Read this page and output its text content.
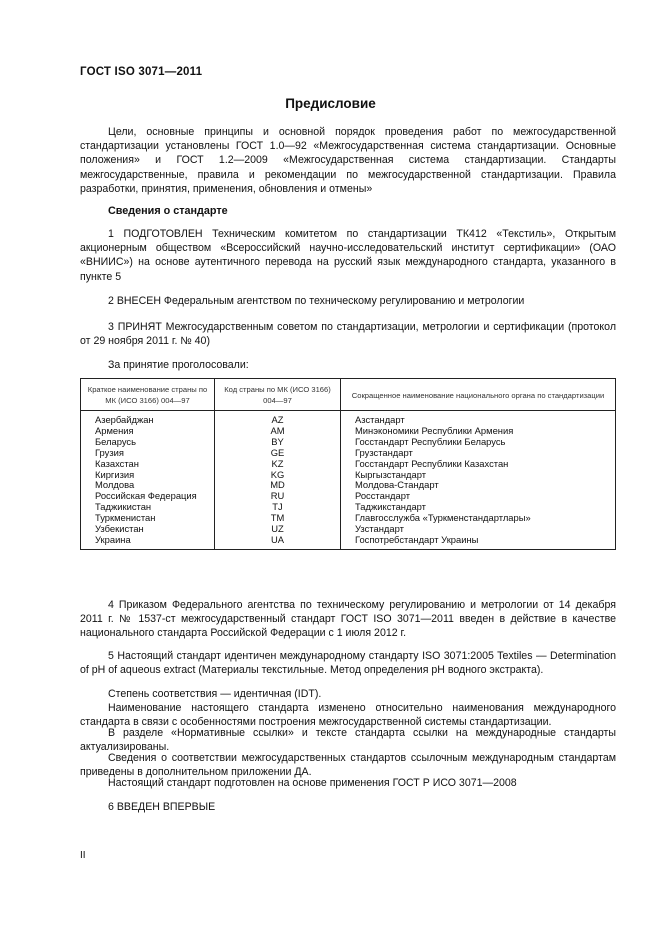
ГОСТ ISO 3071—2011
Предисловие

Цели, основные принципы и основной порядок проведения работ по межгосударственной стандартизации установлены ГОСТ 1.0—92 «Межгосударственная система стандартизации. Основные положения» и ГОСТ 1.2—2009 «Межгосударственная система стандартизации. Стандарты межгосударственные, правила и рекомендации по межгосударственной стандартизации. Правила разработки, принятия, применения, обновления и отмены»

Сведения о стандарте

1 ПОДГОТОВЛЕН Техническим комитетом по стандартизации ТК412 «Текстиль», Открытым акционерным обществом «Всероссийский научно-исследовательский институт сертификации» (ОАО «ВНИИС») на основе аутентичного перевода на русский язык международного стандарта, указанного в пункте 5

2 ВНЕСЕН Федеральным агентством по техническому регулированию и метрологии

3 ПРИНЯТ Межгосударственным советом по стандартизации, метрологии и сертификации (протокол от 29 ноября 2011 г. № 40)

За принятие проголосовали:
Краткое наименование страны по МК (ИСО 3166) 004—97	Код страны по МК (ИСО 3166) 004—97	Сокращенное наименование национального органа по стандартизации
Азербайджан	AZ	Азстандарт
Армения	AM	Минэкономики Республики Армения
Беларусь	BY	Госстандарт Республики Беларусь
Грузия	GE	Грузстандарт
Казахстан	KZ	Госстандарт Республики Казахстан
Киргизия	KG	Кыргызстандарт
Молдова	MD	Молдова-Стандарт
Российская Федерация	RU	Росстандарт
Таджикистан	TJ	Таджикстандарт
Туркменистан	TM	Главгосслужба «Туркменстандартлары»
Узбекистан	UZ	Узстандарт
Украина	UA	Госпотребстандарт Украины

4 Приказом Федерального агентства по техническому регулированию и метрологии от 14 декабря 2011 г. № 1537-ст межгосударственный стандарт ГОСТ ISO 3071—2011 введен в действие в качестве национального стандарта Российской Федерации с 1 июля 2012 г.

5 Настоящий стандарт идентичен международному стандарту ISO 3071:2005 Textiles — Determination of pH of aqueous extract (Материалы текстильные. Метод определения pH водного экстракта).

Степень соответствия — идентичная (IDT).

Наименование настоящего стандарта изменено относительно наименования международного стандарта в связи с особенностями построения межгосударственной системы стандартизации.

В разделе «Нормативные ссылки» и тексте стандарта ссылки на международные стандарты актуализированы.

Сведения о соответствии межгосударственных стандартов ссылочным международным стандартам приведены в дополнительном приложении ДА.

Настоящий стандарт подготовлен на основе применения ГОСТ Р ИСО 3071—2008

6 ВВЕДЕН ВПЕРВЫЕ

II
